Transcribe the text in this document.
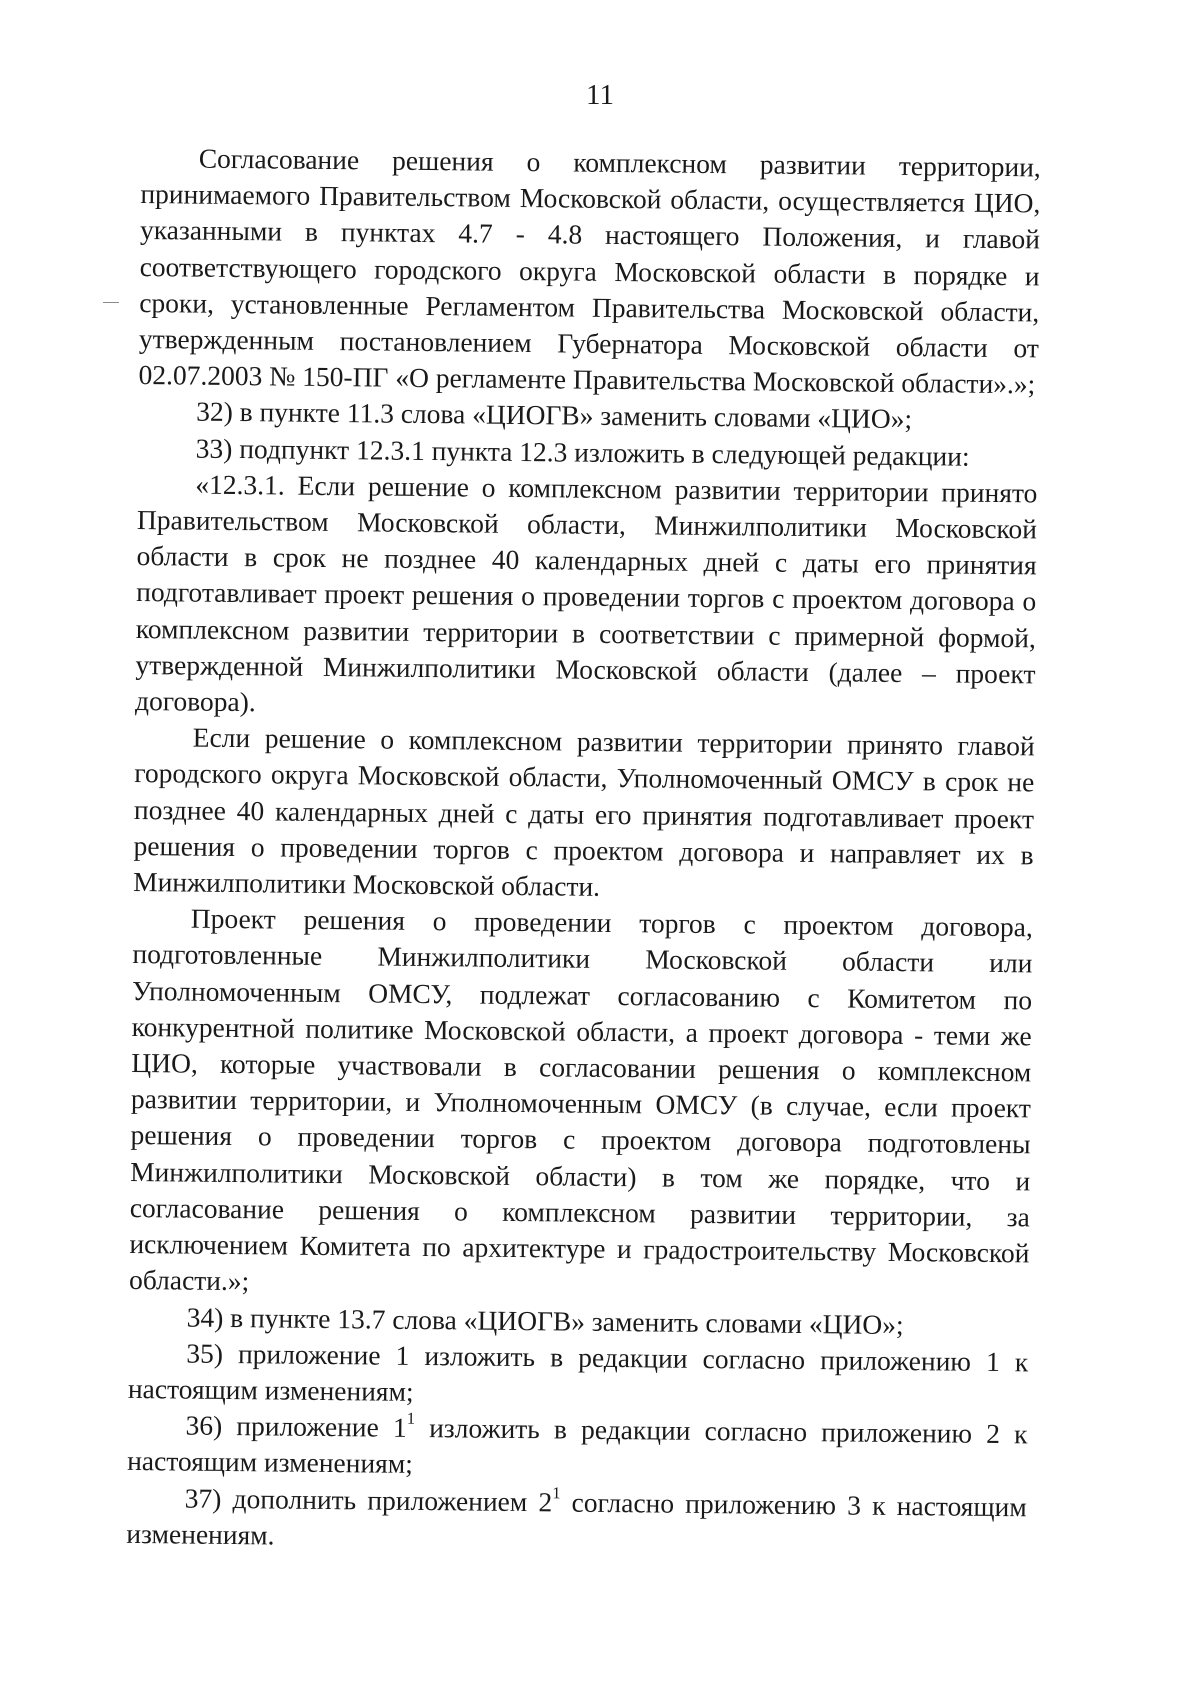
11

Согласование решения о комплексном развитии территории, принимаемого Правительством Московской области, осуществляется ЦИО, указанными в пунктах 4.7 - 4.8 настоящего Положения, и главой соответствующего городского округа Московской области в порядке и сроки, установленные Регламентом Правительства Московской области, утвержденным постановлением Губернатора Московской области от 02.07.2003 № 150-ПГ «О регламенте Правительства Московской области».»;

32) в пункте 11.3 слова «ЦИОГВ» заменить словами «ЦИО»;

33) подпункт 12.3.1 пункта 12.3 изложить в следующей редакции:

«12.3.1. Если решение о комплексном развитии территории принято Правительством Московской области, Минжилполитики Московской области в срок не позднее 40 календарных дней с даты его принятия подготавливает проект решения о проведении торгов с проектом договора о комплексном развитии территории в соответствии с примерной формой, утвержденной Минжилполитики Московской области (далее – проект договора).

Если решение о комплексном развитии территории принято главой городского округа Московской области, Уполномоченный ОМСУ в срок не позднее 40 календарных дней с даты его принятия подготавливает проект решения о проведении торгов с проектом договора и направляет их в Минжилполитики Московской области.

Проект решения о проведении торгов с проектом договора, подготовленные Минжилполитики Московской области или Уполномоченным ОМСУ, подлежат согласованию с Комитетом по конкурентной политике Московской области, а проект договора - теми же ЦИО, которые участвовали в согласовании решения о комплексном развитии территории, и Уполномоченным ОМСУ (в случае, если проект решения о проведении торгов с проектом договора подготовлены Минжилполитики Московской области) в том же порядке, что и согласование решения о комплексном развитии территории, за исключением Комитета по архитектуре и градостроительству Московской области.»;

34) в пункте 13.7 слова «ЦИОГВ» заменить словами «ЦИО»;

35) приложение 1 изложить в редакции согласно приложению 1 к настоящим изменениям;

36) приложение $1^1$ изложить в редакции согласно приложению 2 к настоящим изменениям;

37) дополнить приложением $2^1$ согласно приложению 3 к настоящим изменениям.
